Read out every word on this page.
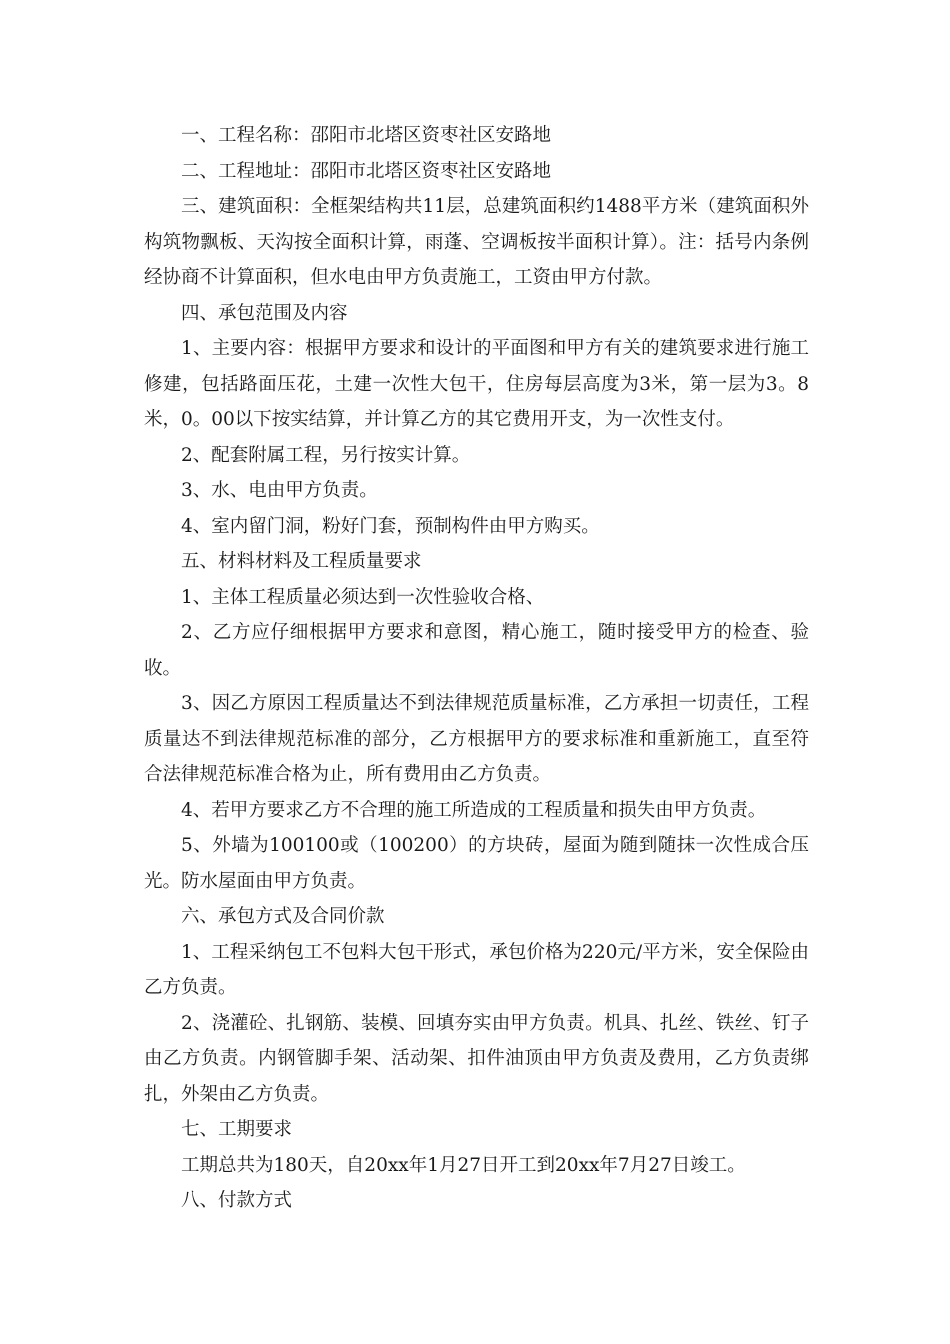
一、工程名称：邵阳市北塔区资枣社区安路地

二、工程地址：邵阳市北塔区资枣社区安路地

三、建筑面积：全框架结构共11层，总建筑面积约1488平方米（建筑面积外构筑物飘板、天沟按全面积计算，雨蓬、空调板按半面积计算）。注：括号内条例经协商不计算面积，但水电由甲方负责施工，工资由甲方付款。

四、承包范围及内容

1、主要内容：根据甲方要求和设计的平面图和甲方有关的建筑要求进行施工修建，包括路面压花，土建一次性大包干，住房每层高度为3米，第一层为3。8米，0。00以下按实结算，并计算乙方的其它费用开支，为一次性支付。

2、配套附属工程，另行按实计算。

3、水、电由甲方负责。

4、室内留门洞，粉好门套，预制构件由甲方购买。

五、材料材料及工程质量要求

1、主体工程质量必须达到一次性验收合格、

2、乙方应仔细根据甲方要求和意图，精心施工，随时接受甲方的检查、验收。

3、因乙方原因工程质量达不到法律规范质量标准，乙方承担一切责任，工程质量达不到法律规范标准的部分，乙方根据甲方的要求标准和重新施工，直至符合法律规范标准合格为止，所有费用由乙方负责。

4、若甲方要求乙方不合理的施工所造成的工程质量和损失由甲方负责。

5、外墙为100100或（100200）的方块砖，屋面为随到随抹一次性成合压光。防水屋面由甲方负责。

六、承包方式及合同价款

1、工程采纳包工不包料大包干形式，承包价格为220元/平方米，安全保险由乙方负责。

2、浇灌砼、扎钢筋、装模、回填夯实由甲方负责。机具、扎丝、铁丝、钉子由乙方负责。内钢管脚手架、活动架、扣件油顶由甲方负责及费用，乙方负责绑扎，外架由乙方负责。

七、工期要求

工期总共为180天，自20xx年1月27日开工到20xx年7月27日竣工。

八、付款方式
